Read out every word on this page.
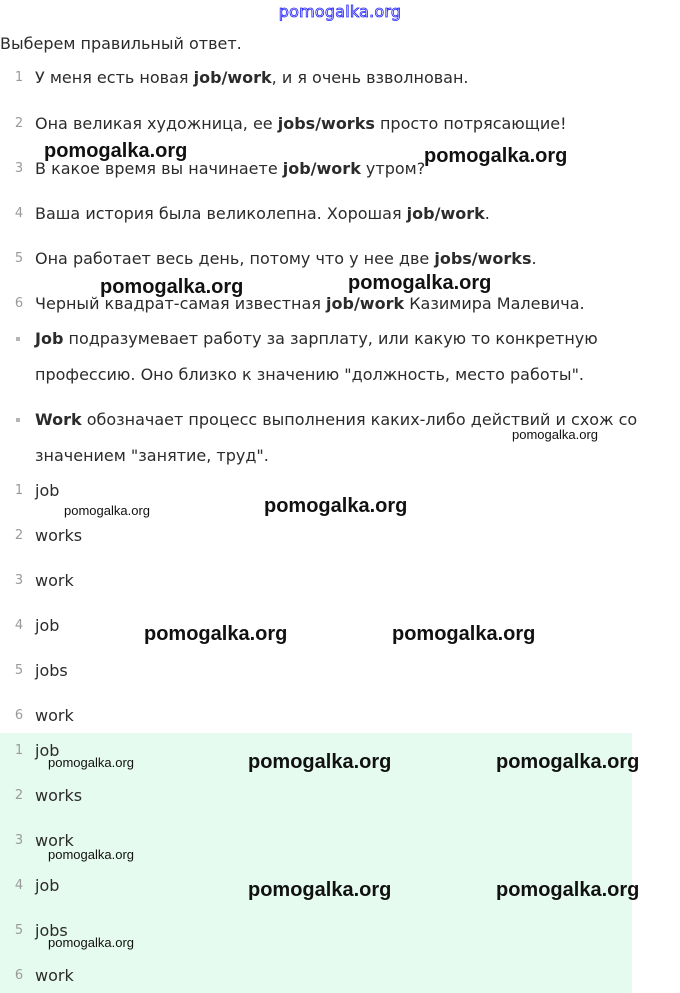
pomogalka.org
Выберем правильный ответ.
1 У меня есть новая job/work, и я очень взволнован.
2 Она великая художница, ее jobs/works просто потрясающие!
3 В какое время вы начинаете job/work утром?
4 Ваша история была великолепна. Хорошая job/work.
5 Она работает весь день, потому что у нее две jobs/works.
6 Черный квадрат-самая известная job/work Казимира Малевича.
Job подразумевает работу за зарплату, или какую то конкретную
профессию. Оно близко к значению "должность, место работы".
Work обозначает процесс выполнения каких-либо действий и схож со
значением "занятие, труд".
1 job
2 works
3 work
4 job
5 jobs
6 work
1 job
2 works
3 work
4 job
5 jobs
6 work
pomogalka.org	pomogalka.org
pomogalka.org	pomogalka.org
pomogalka.org
pomogalka.org	pomogalka.org
pomogalka.org	pomogalka.org
pomogalka.org	pomogalka.org	pomogalka.org
pomogalka.org
pomogalka.org	pomogalka.org
pomogalka.org
